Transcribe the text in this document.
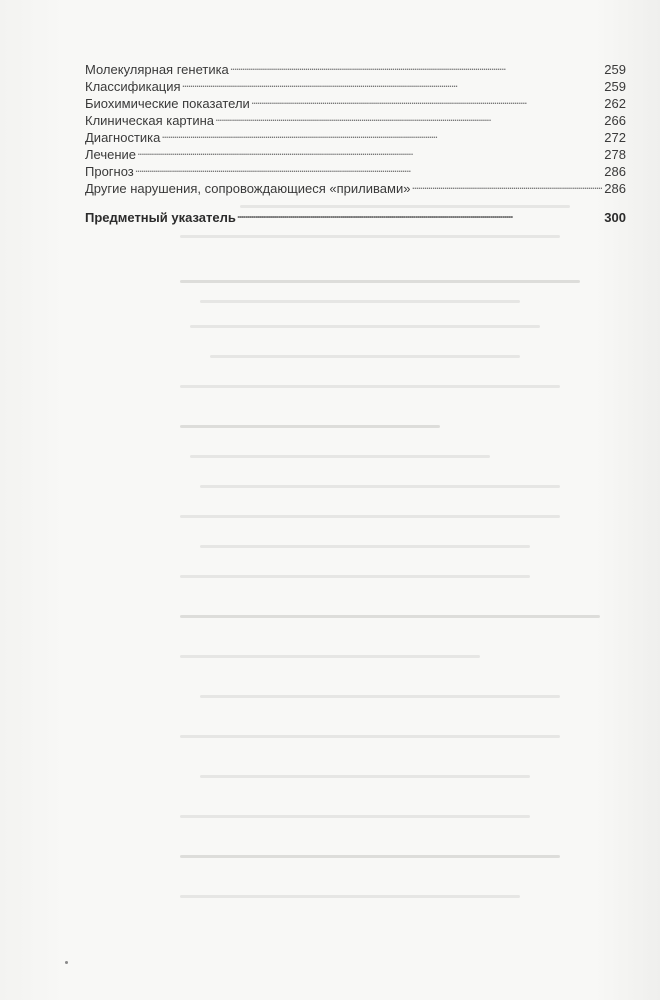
Молекулярная генетика . . .	259
Классификация . . .	259
Биохимические показатели . . .	262
Клиническая картина . . .	266
Диагностика . . .	272
Лечение . . .	278
Прогноз . . .	286
Другие нарушения, сопровождающиеся «приливами» . . .	286
Предметный указатель . . .	300
